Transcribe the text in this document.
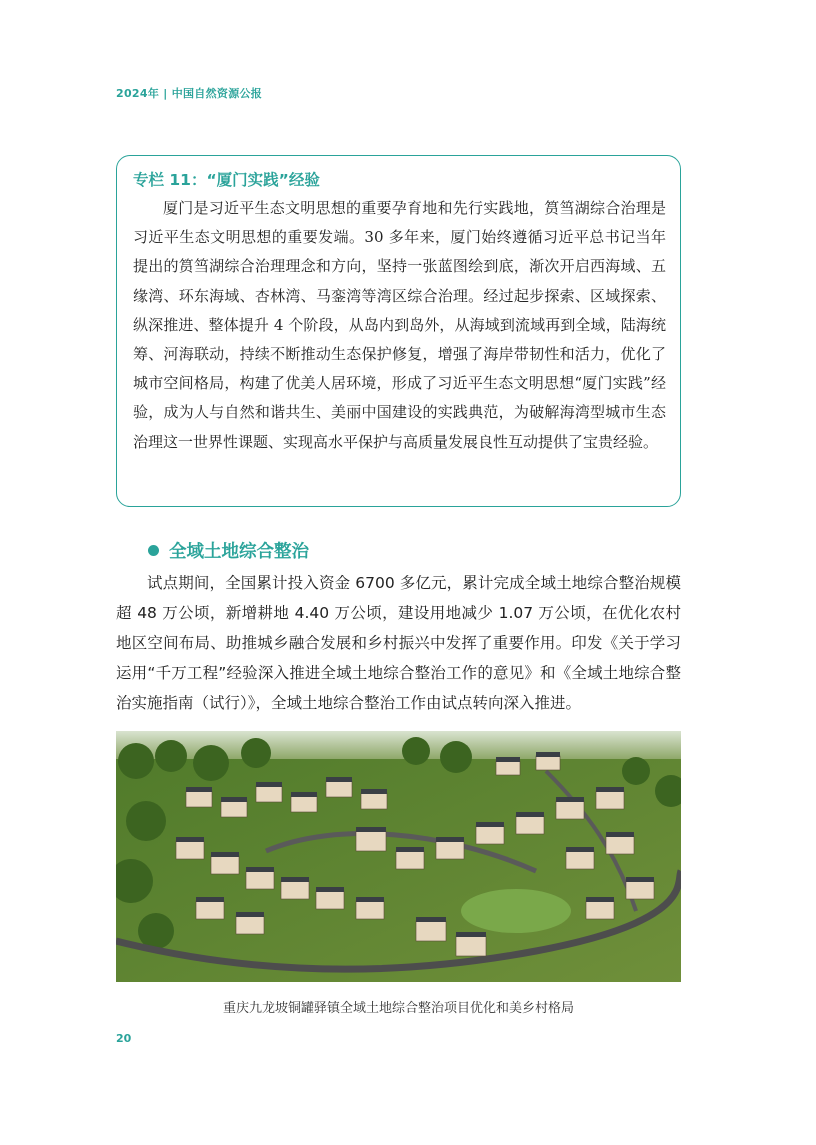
2024年 | 中国自然资源公报
专栏 11：“厦门实践”经验
厦门是习近平生态文明思想的重要孕育地和先行实践地，筼筜湖综合治理是习近平生态文明思想的重要发端。30 多年来，厦门始终遵循习近平总书记当年提出的筼筜湖综合治理理念和方向，坚持一张蓝图绘到底，渐次开启西海域、五缘湾、环东海域、杏林湾、马銮湾等湾区综合治理。经过起步探索、区域探索、纵深推进、整体提升 4 个阶段，从岛内到岛外，从海域到流域再到全域，陆海统筹、河海联动，持续不断推动生态保护修复，增强了海岸带韧性和活力，优化了城市空间格局，构建了优美人居环境，形成了习近平生态文明思想“厦门实践”经验，成为人与自然和谐共生、美丽中国建设的实践典范，为破解海湾型城市生态治理这一世界性课题、实现高水平保护与高质量发展良性互动提供了宝贵经验。
全域土地综合整治
试点期间，全国累计投入资金 6700 多亿元，累计完成全域土地综合整治规模超 48 万公顷，新增耕地 4.40 万公顷，建设用地减少 1.07 万公顷，在优化农村地区空间布局、助推城乡融合发展和乡村振兴中发挥了重要作用。印发《关于学习运用“千万工程”经验深入推进全域土地综合整治工作的意见》和《全域土地综合整治实施指南（试行）》，全域土地综合整治工作由试点转向深入推进。
重庆九龙坡铜罐驿镇全域土地综合整治项目优化和美乡村格局
20
